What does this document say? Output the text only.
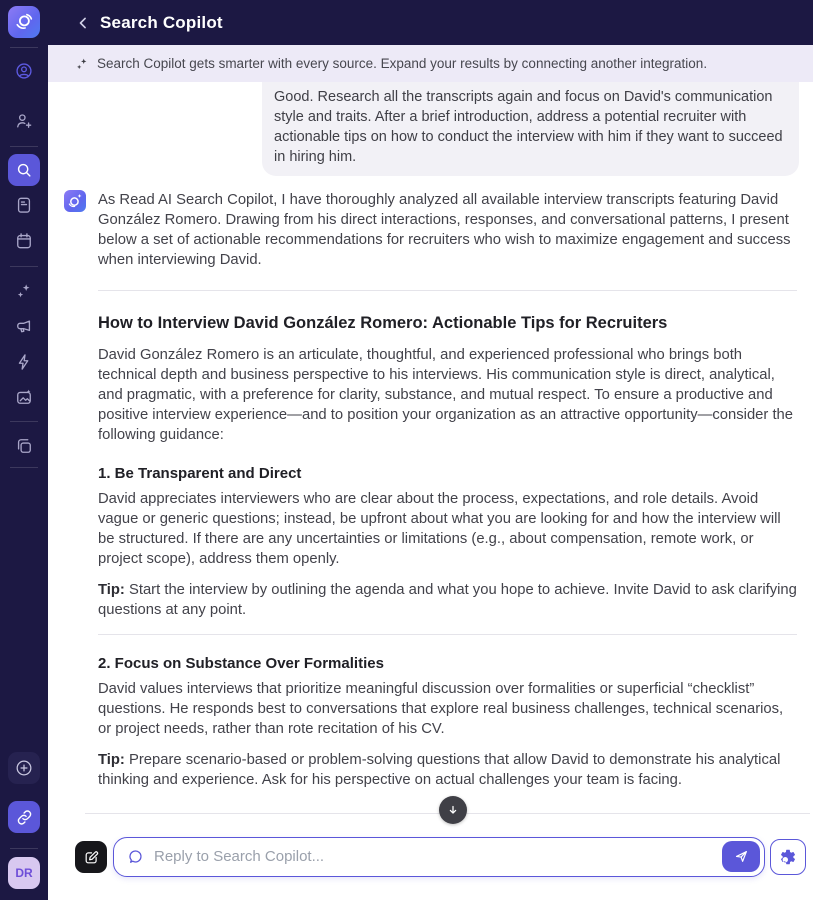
DR
Search Copilot
Search Copilot gets smarter with every source. Expand your results by connecting another integration.
Good. Research all the transcripts again and focus on David's communication style and traits. After a brief introduction, address a potential recruiter with actionable tips on how to conduct the interview with him if they want to succeed in hiring him.

As Read AI Search Copilot, I have thoroughly analyzed all available interview transcripts featuring David González Romero. Drawing from his direct interactions, responses, and conversational patterns, I present below a set of actionable recommendations for recruiters who wish to maximize engagement and success when interviewing David.

How to Interview David González Romero: Actionable Tips for Recruiters

David González Romero is an articulate, thoughtful, and experienced professional who brings both technical depth and business perspective to his interviews. His communication style is direct, analytical, and pragmatic, with a preference for clarity, substance, and mutual respect. To ensure a productive and positive interview experience—and to position your organization as an attractive opportunity—consider the following guidance:

1. Be Transparent and Direct

David appreciates interviewers who are clear about the process, expectations, and role details. Avoid vague or generic questions; instead, be upfront about what you are looking for and how the interview will be structured. If there are any uncertainties or limitations (e.g., about compensation, remote work, or project scope), address them openly.

Tip: Start the interview by outlining the agenda and what you hope to achieve. Invite David to ask clarifying questions at any point.

2. Focus on Substance Over Formalities

David values interviews that prioritize meaningful discussion over formalities or superficial “checklist” questions. He responds best to conversations that explore real business challenges, technical scenarios, or project needs, rather than rote recitation of his CV.

Tip: Prepare scenario-based or problem-solving questions that allow David to demonstrate his analytical thinking and experience. Ask for his perspective on actual challenges your team is facing.

Reply to Search Copilot...
